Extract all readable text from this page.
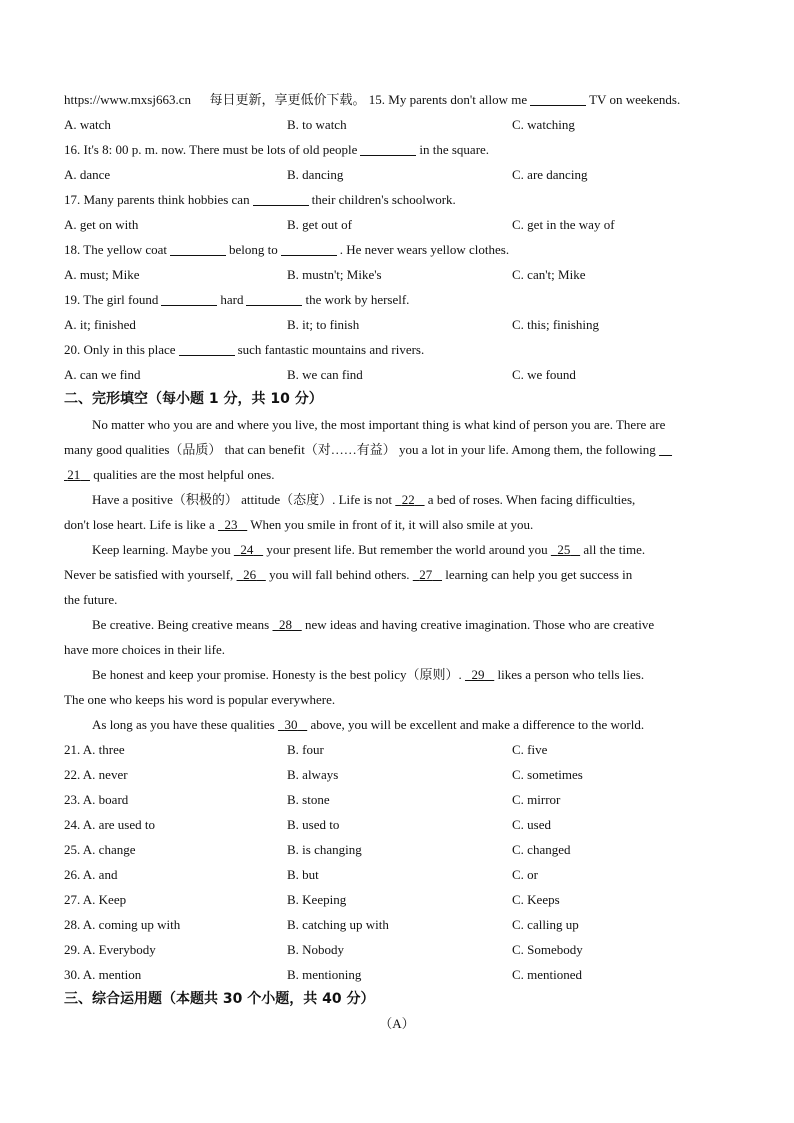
https://www.mxsj663.cn 每日更新，享更低价下载。 15. My parents don't allow me	TV on weekends.
A. watch	B. to watch	C. watching
16. It's 8: 00 p. m. now. There must be lots of old people	in the square.
A. dance	B. dancing	C. are dancing
17. Many parents think hobbies can	their children's schoolwork.
A. get on with	B. get out of	C. get in the way of
18. The yellow coat	belong to	. He never wears yellow clothes.
A. must; Mike	B. mustn't; Mike's	C. can't; Mike
19. The girl found	hard	the work by herself.
A. it; finished	B. it; to finish	C. this; finishing
20. Only in this place	such fantastic mountains and rivers.
A. can we find	B. we can find	C. we found
二、完形填空（每小题 1 分，共 10 分）
No matter who you are and where you live, the most important thing is what kind of person you are. There are
many good qualities（品质） that can benefit（对……有益） you a lot in your life. Among them, the following
21 qualities are the most helpful ones.
Have a positive（积极的） attitude（态度）. Life is not 22 a bed of roses. When facing difficulties,
don't lose heart. Life is like a 23 When you smile in front of it, it will also smile at you.
Keep learning. Maybe you 24 your present life. But remember the world around you 25 all the time.
Never be satisfied with yourself, 26 you will fall behind others. 27 learning can help you get success in
the future.
Be creative. Being creative means 28 new ideas and having creative imagination. Those who are creative
have more choices in their life.
Be honest and keep your promise. Honesty is the best policy（原则）. 29 likes a person who tells lies.
The one who keeps his word is popular everywhere.
As long as you have these qualities 30 above, you will be excellent and make a difference to the world.
21. A. three	B. four	C. five
22. A. never	B. always	C. sometimes
23. A. board	B. stone	C. mirror
24. A. are used to	B. used to	C. used
25. A. change	B. is changing	C. changed
26. A. and	B. but	C. or
27. A. Keep	B. Keeping	C. Keeps
28. A. coming up with	B. catching up with	C. calling up
29. A. Everybody	B. Nobody	C. Somebody
30. A. mention	B. mentioning	C. mentioned
三、综合运用题（本题共 30 个小题，共 40 分）
（A）
